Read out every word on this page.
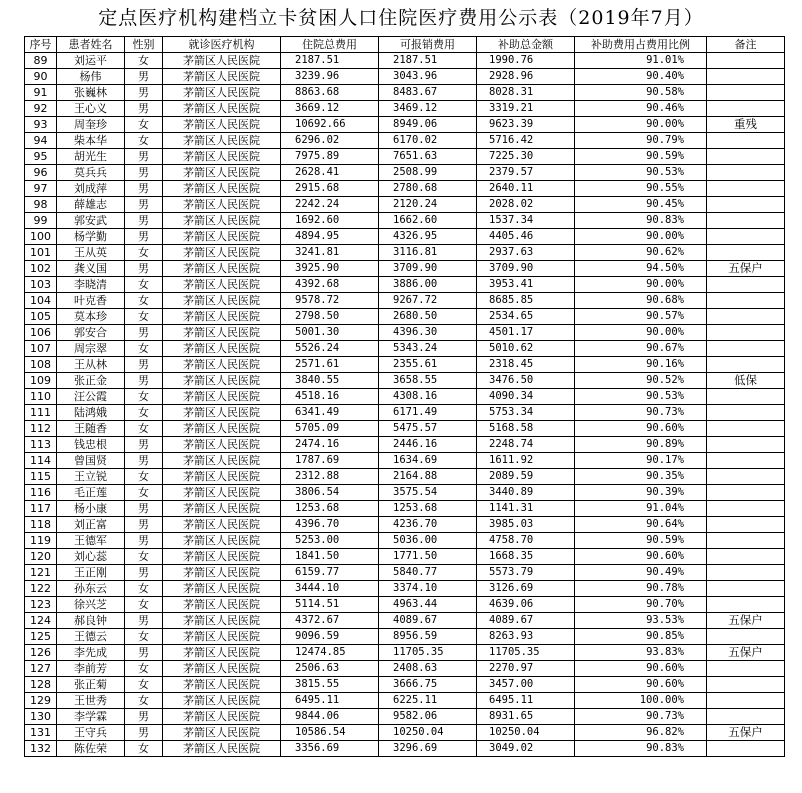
定点医疗机构建档立卡贫困人口住院医疗费用公示表（2019年7月）
序号	患者姓名	性别	就诊医疗机构	住院总费用	可报销费用	补助总金额	补助费用占费用比例	备注
89	刘运平	女	茅箭区人民医院	2187.51	2187.51	1990.76	91.01%	
90	杨伟	男	茅箭区人民医院	3239.96	3043.96	2928.96	90.40%	
91	张巍林	男	茅箭区人民医院	8863.68	8483.67	8028.31	90.58%	
92	王心义	男	茅箭区人民医院	3669.12	3469.12	3319.21	90.46%	
93	周奎珍	女	茅箭区人民医院	10692.66	8949.06	9623.39	90.00%	重残
94	柴本华	女	茅箭区人民医院	6296.02	6170.02	5716.42	90.79%	
95	胡光生	男	茅箭区人民医院	7975.89	7651.63	7225.30	90.59%	
96	莫兵兵	男	茅箭区人民医院	2628.41	2508.99	2379.57	90.53%	
97	刘成萍	男	茅箭区人民医院	2915.68	2780.68	2640.11	90.55%	
98	薛雄志	男	茅箭区人民医院	2242.24	2120.24	2028.02	90.45%	
99	郭安武	男	茅箭区人民医院	1692.60	1662.60	1537.34	90.83%	
100	杨学勤	男	茅箭区人民医院	4894.95	4326.95	4405.46	90.00%	
101	王从英	女	茅箭区人民医院	3241.81	3116.81	2937.63	90.62%	
102	龚义国	男	茅箭区人民医院	3925.90	3709.90	3709.90	94.50%	五保户
103	李晓清	女	茅箭区人民医院	4392.68	3886.00	3953.41	90.00%	
104	叶克香	女	茅箭区人民医院	9578.72	9267.72	8685.85	90.68%	
105	莫本珍	女	茅箭区人民医院	2798.50	2680.50	2534.65	90.57%	
106	郭安合	男	茅箭区人民医院	5001.30	4396.30	4501.17	90.00%	
107	周宗翠	女	茅箭区人民医院	5526.24	5343.24	5010.62	90.67%	
108	王从林	男	茅箭区人民医院	2571.61	2355.61	2318.45	90.16%	
109	张正金	男	茅箭区人民医院	3840.55	3658.55	3476.50	90.52%	低保
110	汪公霞	女	茅箭区人民医院	4518.16	4308.16	4090.34	90.53%	
111	陆鸿娥	女	茅箭区人民医院	6341.49	6171.49	5753.34	90.73%	
112	王随香	女	茅箭区人民医院	5705.09	5475.57	5168.58	90.60%	
113	钱忠根	男	茅箭区人民医院	2474.16	2446.16	2248.74	90.89%	
114	曾国贤	男	茅箭区人民医院	1787.69	1634.69	1611.92	90.17%	
115	王立锐	女	茅箭区人民医院	2312.88	2164.88	2089.59	90.35%	
116	毛正莲	女	茅箭区人民医院	3806.54	3575.54	3440.89	90.39%	
117	杨小康	男	茅箭区人民医院	1253.68	1253.68	1141.31	91.04%	
118	刘正富	男	茅箭区人民医院	4396.70	4236.70	3985.03	90.64%	
119	王德军	男	茅箭区人民医院	5253.00	5036.00	4758.70	90.59%	
120	刘心蕊	女	茅箭区人民医院	1841.50	1771.50	1668.35	90.60%	
121	王正刚	男	茅箭区人民医院	6159.77	5840.77	5573.79	90.49%	
122	孙东云	女	茅箭区人民医院	3444.10	3374.10	3126.69	90.78%	
123	徐兴芝	女	茅箭区人民医院	5114.51	4963.44	4639.06	90.70%	
124	郝良钟	男	茅箭区人民医院	4372.67	4089.67	4089.67	93.53%	五保户
125	王德云	女	茅箭区人民医院	9096.59	8956.59	8263.93	90.85%	
126	李先成	男	茅箭区人民医院	12474.85	11705.35	11705.35	93.83%	五保户
127	李前芳	女	茅箭区人民医院	2506.63	2408.63	2270.97	90.60%	
128	张正菊	女	茅箭区人民医院	3815.55	3666.75	3457.00	90.60%	
129	王世秀	女	茅箭区人民医院	6495.11	6225.11	6495.11	100.00%	
130	李学霖	男	茅箭区人民医院	9844.06	9582.06	8931.65	90.73%	
131	王守兵	男	茅箭区人民医院	10586.54	10250.04	10250.04	96.82%	五保户
132	陈佐荣	女	茅箭区人民医院	3356.69	3296.69	3049.02	90.83%	
